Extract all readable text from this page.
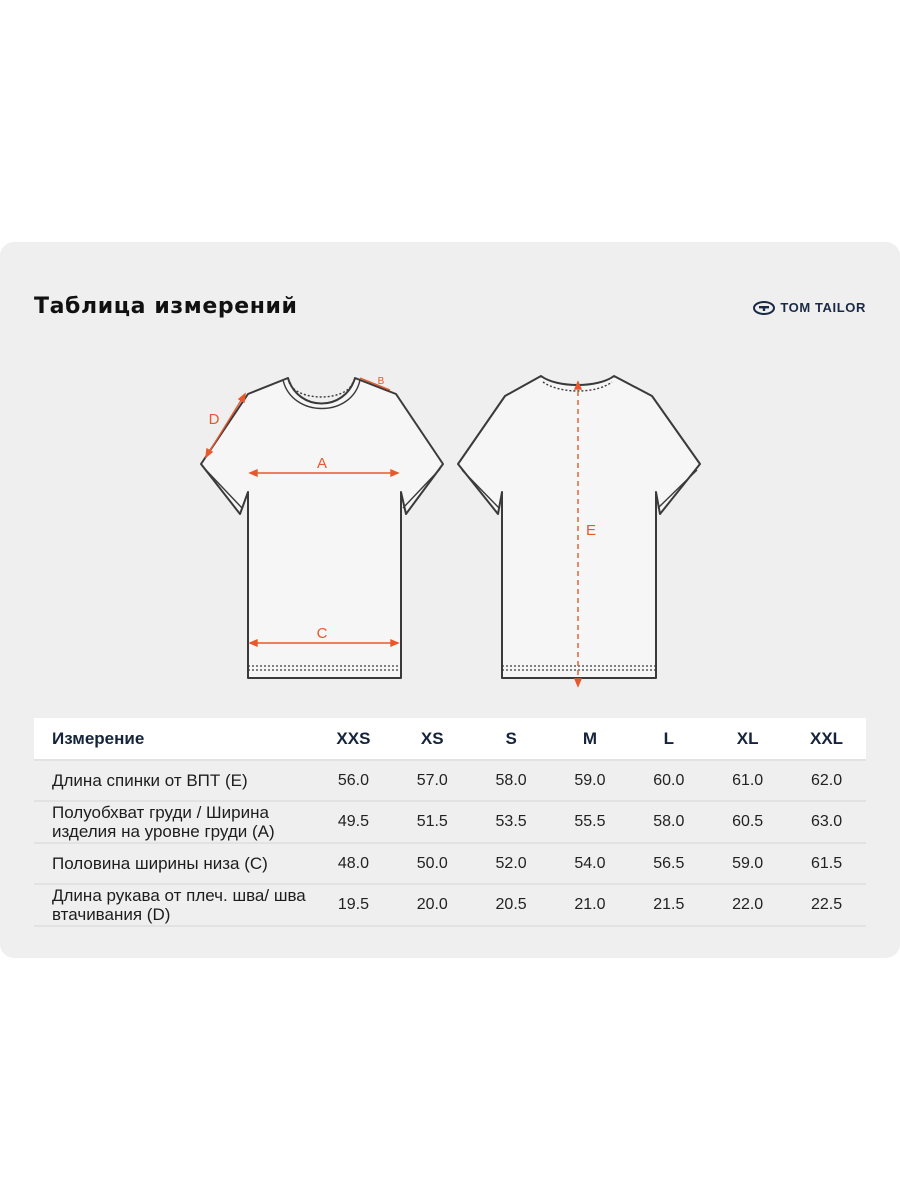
Таблица измерений	TOM TAILOR
A
C
D
B
E
Измерение	XXS	XS	S	M	L	XL	XXL
Длина спинки от ВПТ (Е)	56.0	57.0	58.0	59.0	60.0	61.0	62.0
Полуобхват груди / Ширина изделия на уровне груди (А)	49.5	51.5	53.5	55.5	58.0	60.5	63.0
Половина ширины низа (С)	48.0	50.0	52.0	54.0	56.5	59.0	61.5
Длина рукава от плеч. шва/ шва втачивания (D)	19.5	20.0	20.5	21.0	21.5	22.0	22.5
